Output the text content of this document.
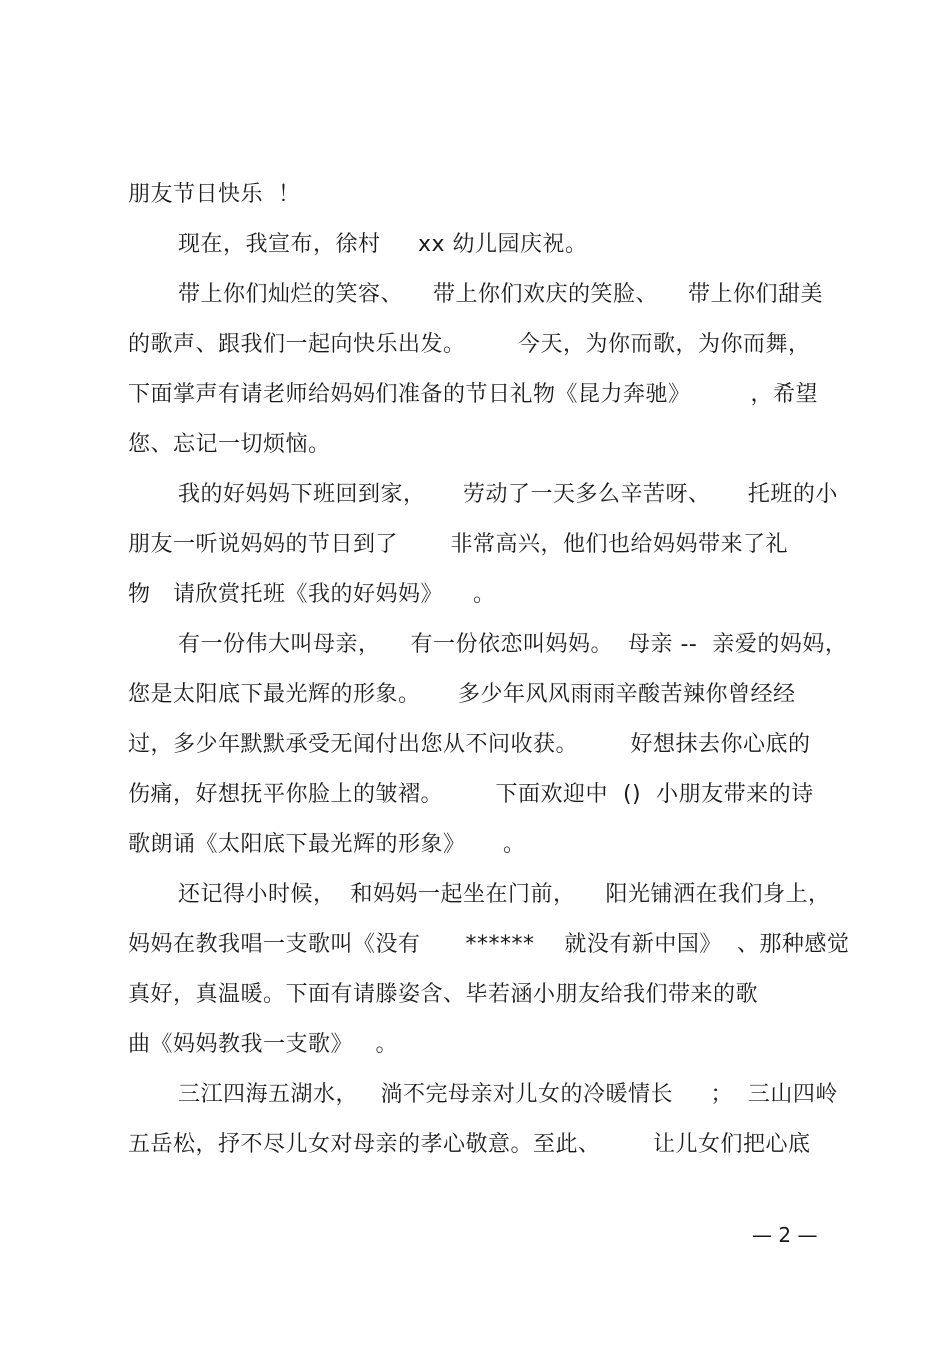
朋友节日快乐  ！
现在，我宣布，徐村     xx 幼儿园庆祝。
带上你们灿烂的笑容、    带上你们欢庆的笑脸、    带上你们甜美
的歌声、跟我们一起向快乐出发。       今天，为你而歌，为你而舞，
下面掌声有请老师给妈妈们准备的节日礼物《昆力奔驰》        ，希望
您、忘记一切烦恼。
我的好妈妈下班回到家，     劳动了一天多么辛苦呀、     托班的小
朋友一听说妈妈的节日到了       非常高兴，他们也给妈妈带来了礼
物   请欣赏托班《我的好妈妈》    。
有一份伟大叫母亲，    有一份依恋叫妈妈。  母亲 --  亲爱的妈妈，
您是太阳底下最光辉的形象。     多少年风风雨雨辛酸苦辣你曾经经
过，多少年默默承受无闻付出您从不问收获。       好想抹去你心底的
伤痛，好想抚平你脸上的皱褶。       下面欢迎中  ()  小朋友带来的诗
歌朗诵《太阳底下最光辉的形象》     。
还记得小时候，  和妈妈一起坐在门前，    阳光铺洒在我们身上，
妈妈在教我唱一支歌叫《没有      ******    就没有新中国》  、那种感觉
真好，真温暖。下面有请滕姿含、毕若涵小朋友给我们带来的歌
曲《妈妈教我一支歌》   。
三江四海五湖水，   淌不完母亲对儿女的冷暖情长     ；  三山四岭
五岳松，抒不尽儿女对母亲的孝心敬意。至此、       让儿女们把心底
— 2 —
